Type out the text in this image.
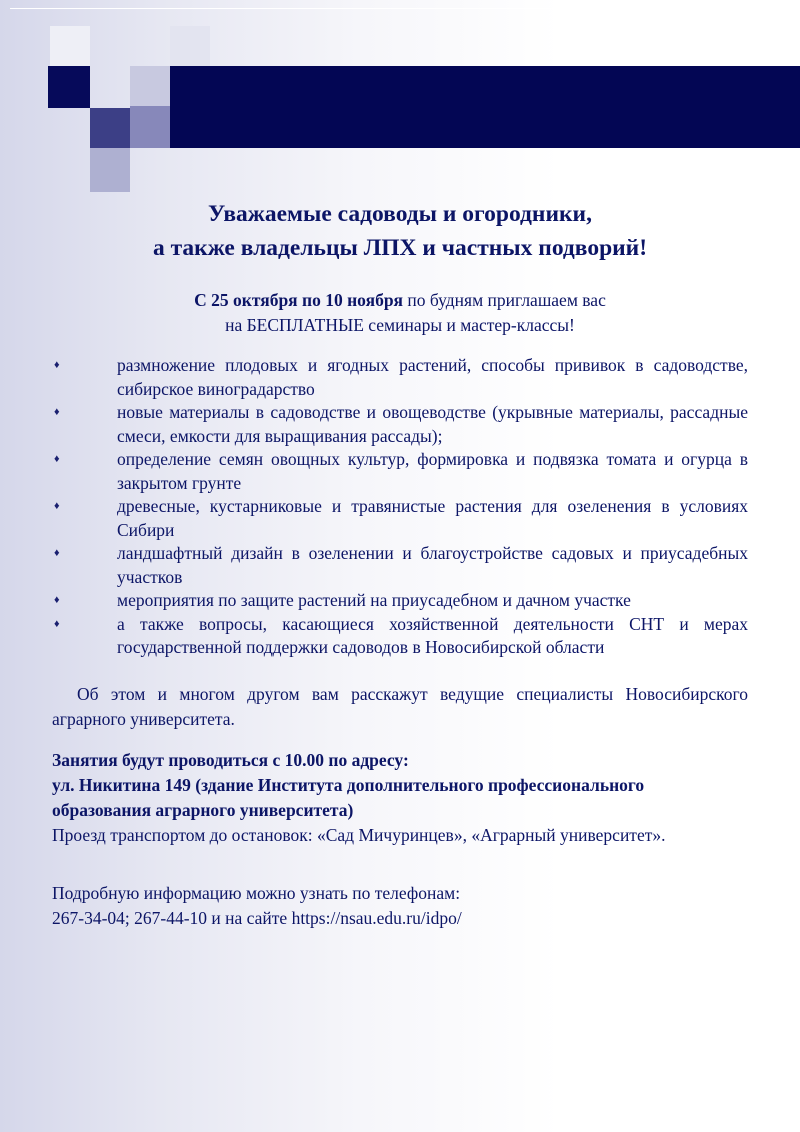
Уважаемые садоводы и огородники,
а также владельцы ЛПХ и частных подворий!
С 25 октября по 10 ноября по будням приглашаем вас
на БЕСПЛАТНЫЕ семинары и мастер-классы!
♦	размножение плодовых и ягодных растений, способы прививок в садоводстве, сибирское виноградарство
♦	новые материалы в садоводстве и овощеводстве (укрывные материалы, рассадные смеси, емкости для выращивания рассады);
♦	определение семян овощных культур, формировка и подвязка томата и огурца в закрытом грунте
♦	древесные, кустарниковые и травянистые растения для озеленения в условиях Сибири
♦	ландшафтный дизайн в озеленении и благоустройстве садовых и приусадебных участков
♦	мероприятия по защите растений на приусадебном и дачном участке
♦	а также вопросы, касающиеся хозяйственной деятельности СНТ и мерах государственной поддержки садоводов в Новосибирской области
Об этом и многом другом вам расскажут ведущие специалисты Новосибирского аграрного университета.
Занятия будут проводиться с 10.00 по адресу:
ул. Никитина 149 (здание Института дополнительного профессионального
образования аграрного университета)
Проезд транспортом до остановок: «Сад Мичуринцев», «Аграрный университет».
Подробную информацию можно узнать по телефонам:
267-34-04; 267-44-10 и на сайте https://nsau.edu.ru/idpo/
